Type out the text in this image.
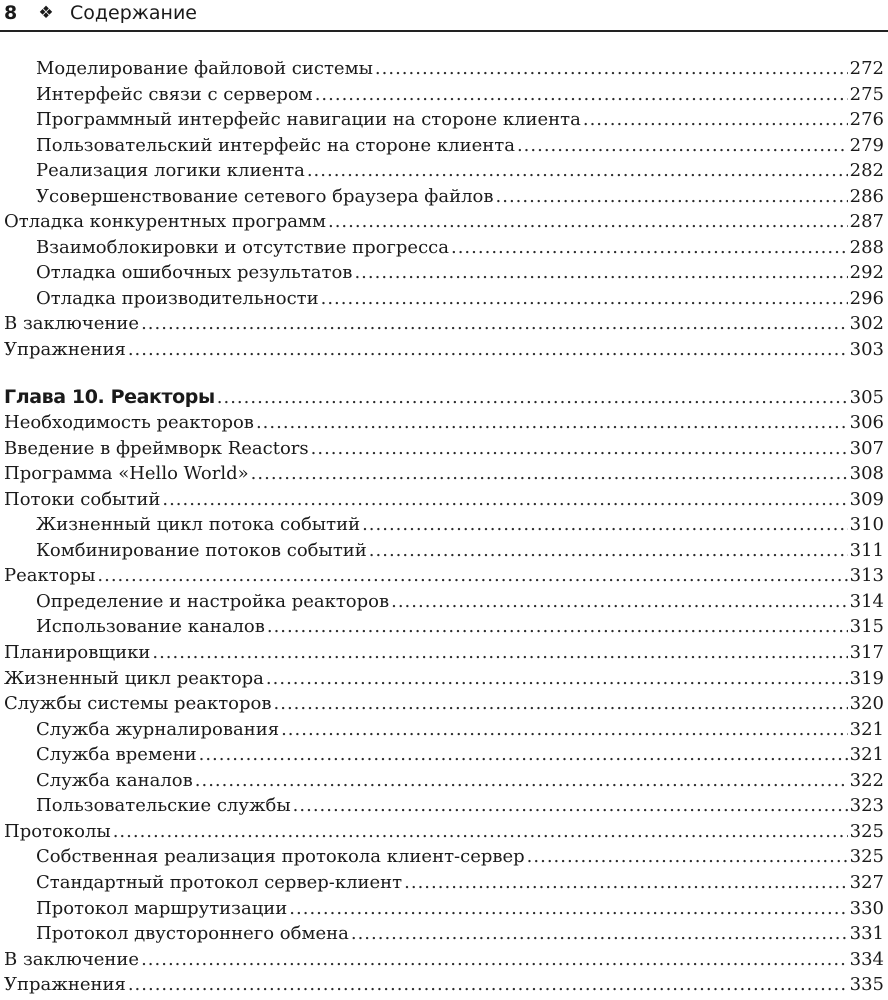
8	❖ Содержание
Моделирование файловой системы .....	272
Интерфейс связи с сервером .....	275
Программный интерфейс навигации на стороне клиента .....	276
Пользовательский интерфейс на стороне клиента .....	279
Реализация логики клиента .....	282
Усовершенствование сетевого браузера файлов .....	286
Отладка конкурентных программ .....	287
Взаимоблокировки и отсутствие прогресса .....	288
Отладка ошибочных результатов .....	292
Отладка производительности .....	296
В заключение .....	302
Упражнения .....	303
Глава 10. Реакторы .....	305
Необходимость реакторов .....	306
Введение в фреймворк Reactors .....	307
Программа «Hello World» .....	308
Потоки событий .....	309
Жизненный цикл потока событий .....	310
Комбинирование потоков событий .....	311
Реакторы .....	313
Определение и настройка реакторов .....	314
Использование каналов .....	315
Планировщики .....	317
Жизненный цикл реактора .....	319
Службы системы реакторов .....	320
Служба журналирования .....	321
Служба времени .....	321
Служба каналов .....	322
Пользовательские службы .....	323
Протоколы .....	325
Собственная реализация протокола клиент-сервер .....	325
Стандартный протокол сервер-клиент .....	327
Протокол маршрутизации .....	330
Протокол двустороннего обмена .....	331
В заключение .....	334
Упражнения .....	335
